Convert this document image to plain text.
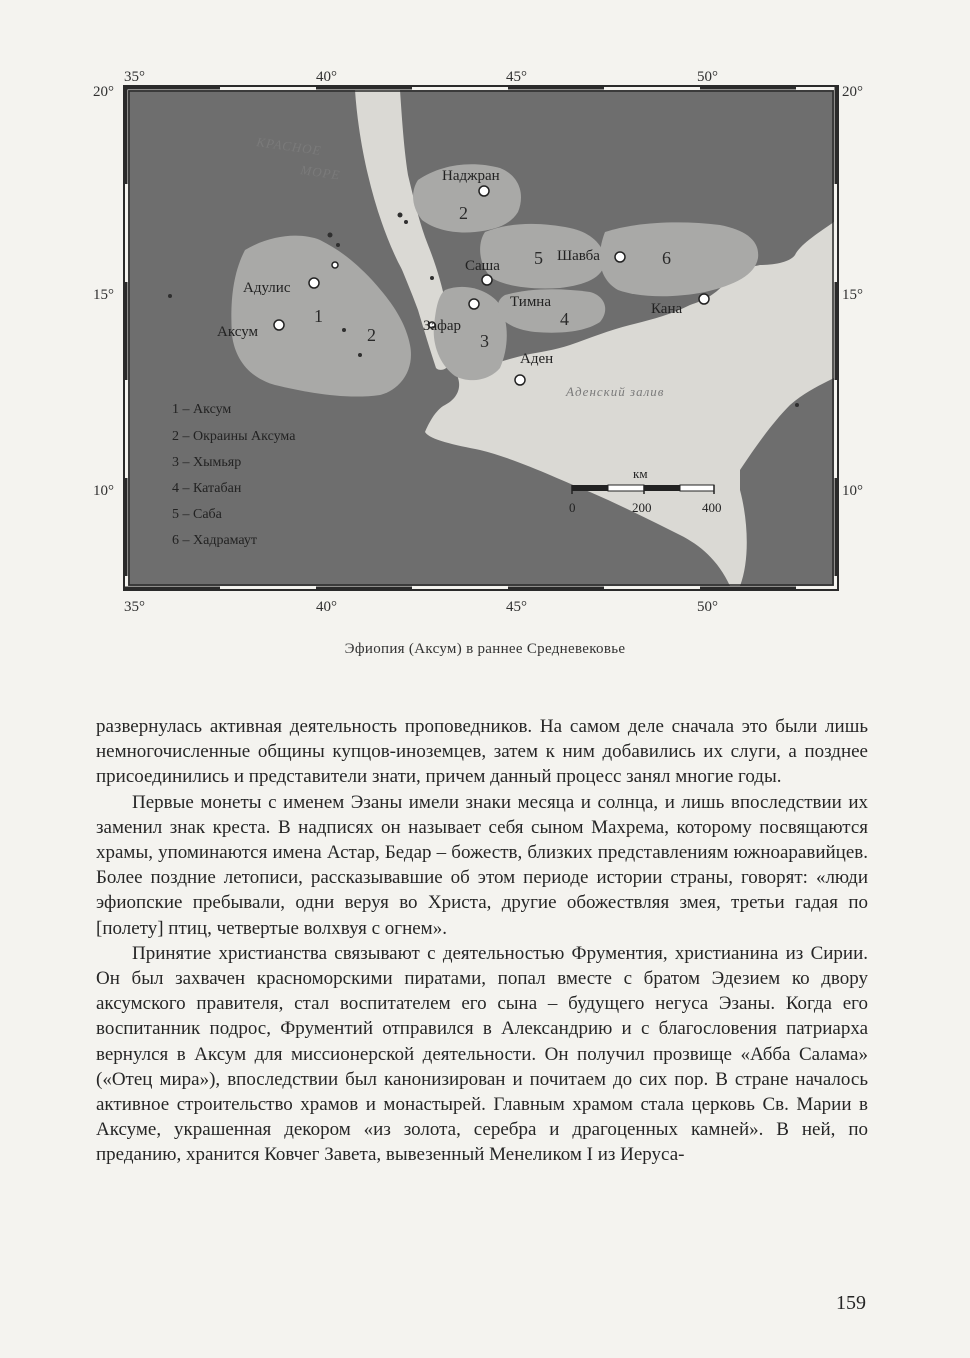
35°	40°	45°	50°
35°	40°	45°	50°
20°
15°
10°
20°
15°
10°
КРАСНОЕ
МОРЕ
Аденский залив
Наджран
Саша
Шавба
Кана
Тимна
Зафар
Аден
Адулис
Аксум
1
2
2
3
4
5	6
1 – Аксум
2 – Окраины Аксума
3 – Хымьяр
4 – Катабан
5 – Саба
6 – Хадрамаут
км
0	200	400
Эфиопия (Аксум) в раннее Средневековье

развернулась активная деятельность проповедников. На самом деле сначала это были лишь немногочисленные общины купцов-иноземцев, затем к ним добавились их слуги, а позднее присоединились и представители знати, причем данный процесс занял многие годы.

Первые монеты с именем Эзаны имели знаки месяца и солнца, и лишь впоследствии их заменил знак креста. В надписях он называет себя сыном Махрема, которому посвящаются храмы, упоминаются имена Астар, Бедар – божеств, близких представлениям южноаравийцев. Более поздние летописи, рассказывавшие об этом периоде истории страны, говорят: «люди эфиопские пребывали, одни веруя во Христа, другие обожествляя змея, третьи гадая по [полету] птиц, четвертые волхвуя с огнем».

Принятие христианства связывают с деятельностью Фрументия, христианина из Сирии. Он был захвачен красноморскими пиратами, попал вместе с братом Эдезием ко двору аксумского правителя, стал воспитателем его сына – будущего негуса Эзаны. Когда его воспитанник подрос, Фрументий отправился в Александрию и с благословения патриарха вернулся в Аксум для миссионерской деятельности. Он получил прозвище «Абба Салама» («Отец мира»), впоследствии был канонизирован и почитаем до сих пор. В стране началось активное строительство храмов и монастырей. Главным храмом стала церковь Св. Марии в Аксуме, украшенная декором «из золота, серебра и драгоценных камней». В ней, по преданию, хранится Ковчег Завета, вывезенный Менеликом I из Иеруса-

159
